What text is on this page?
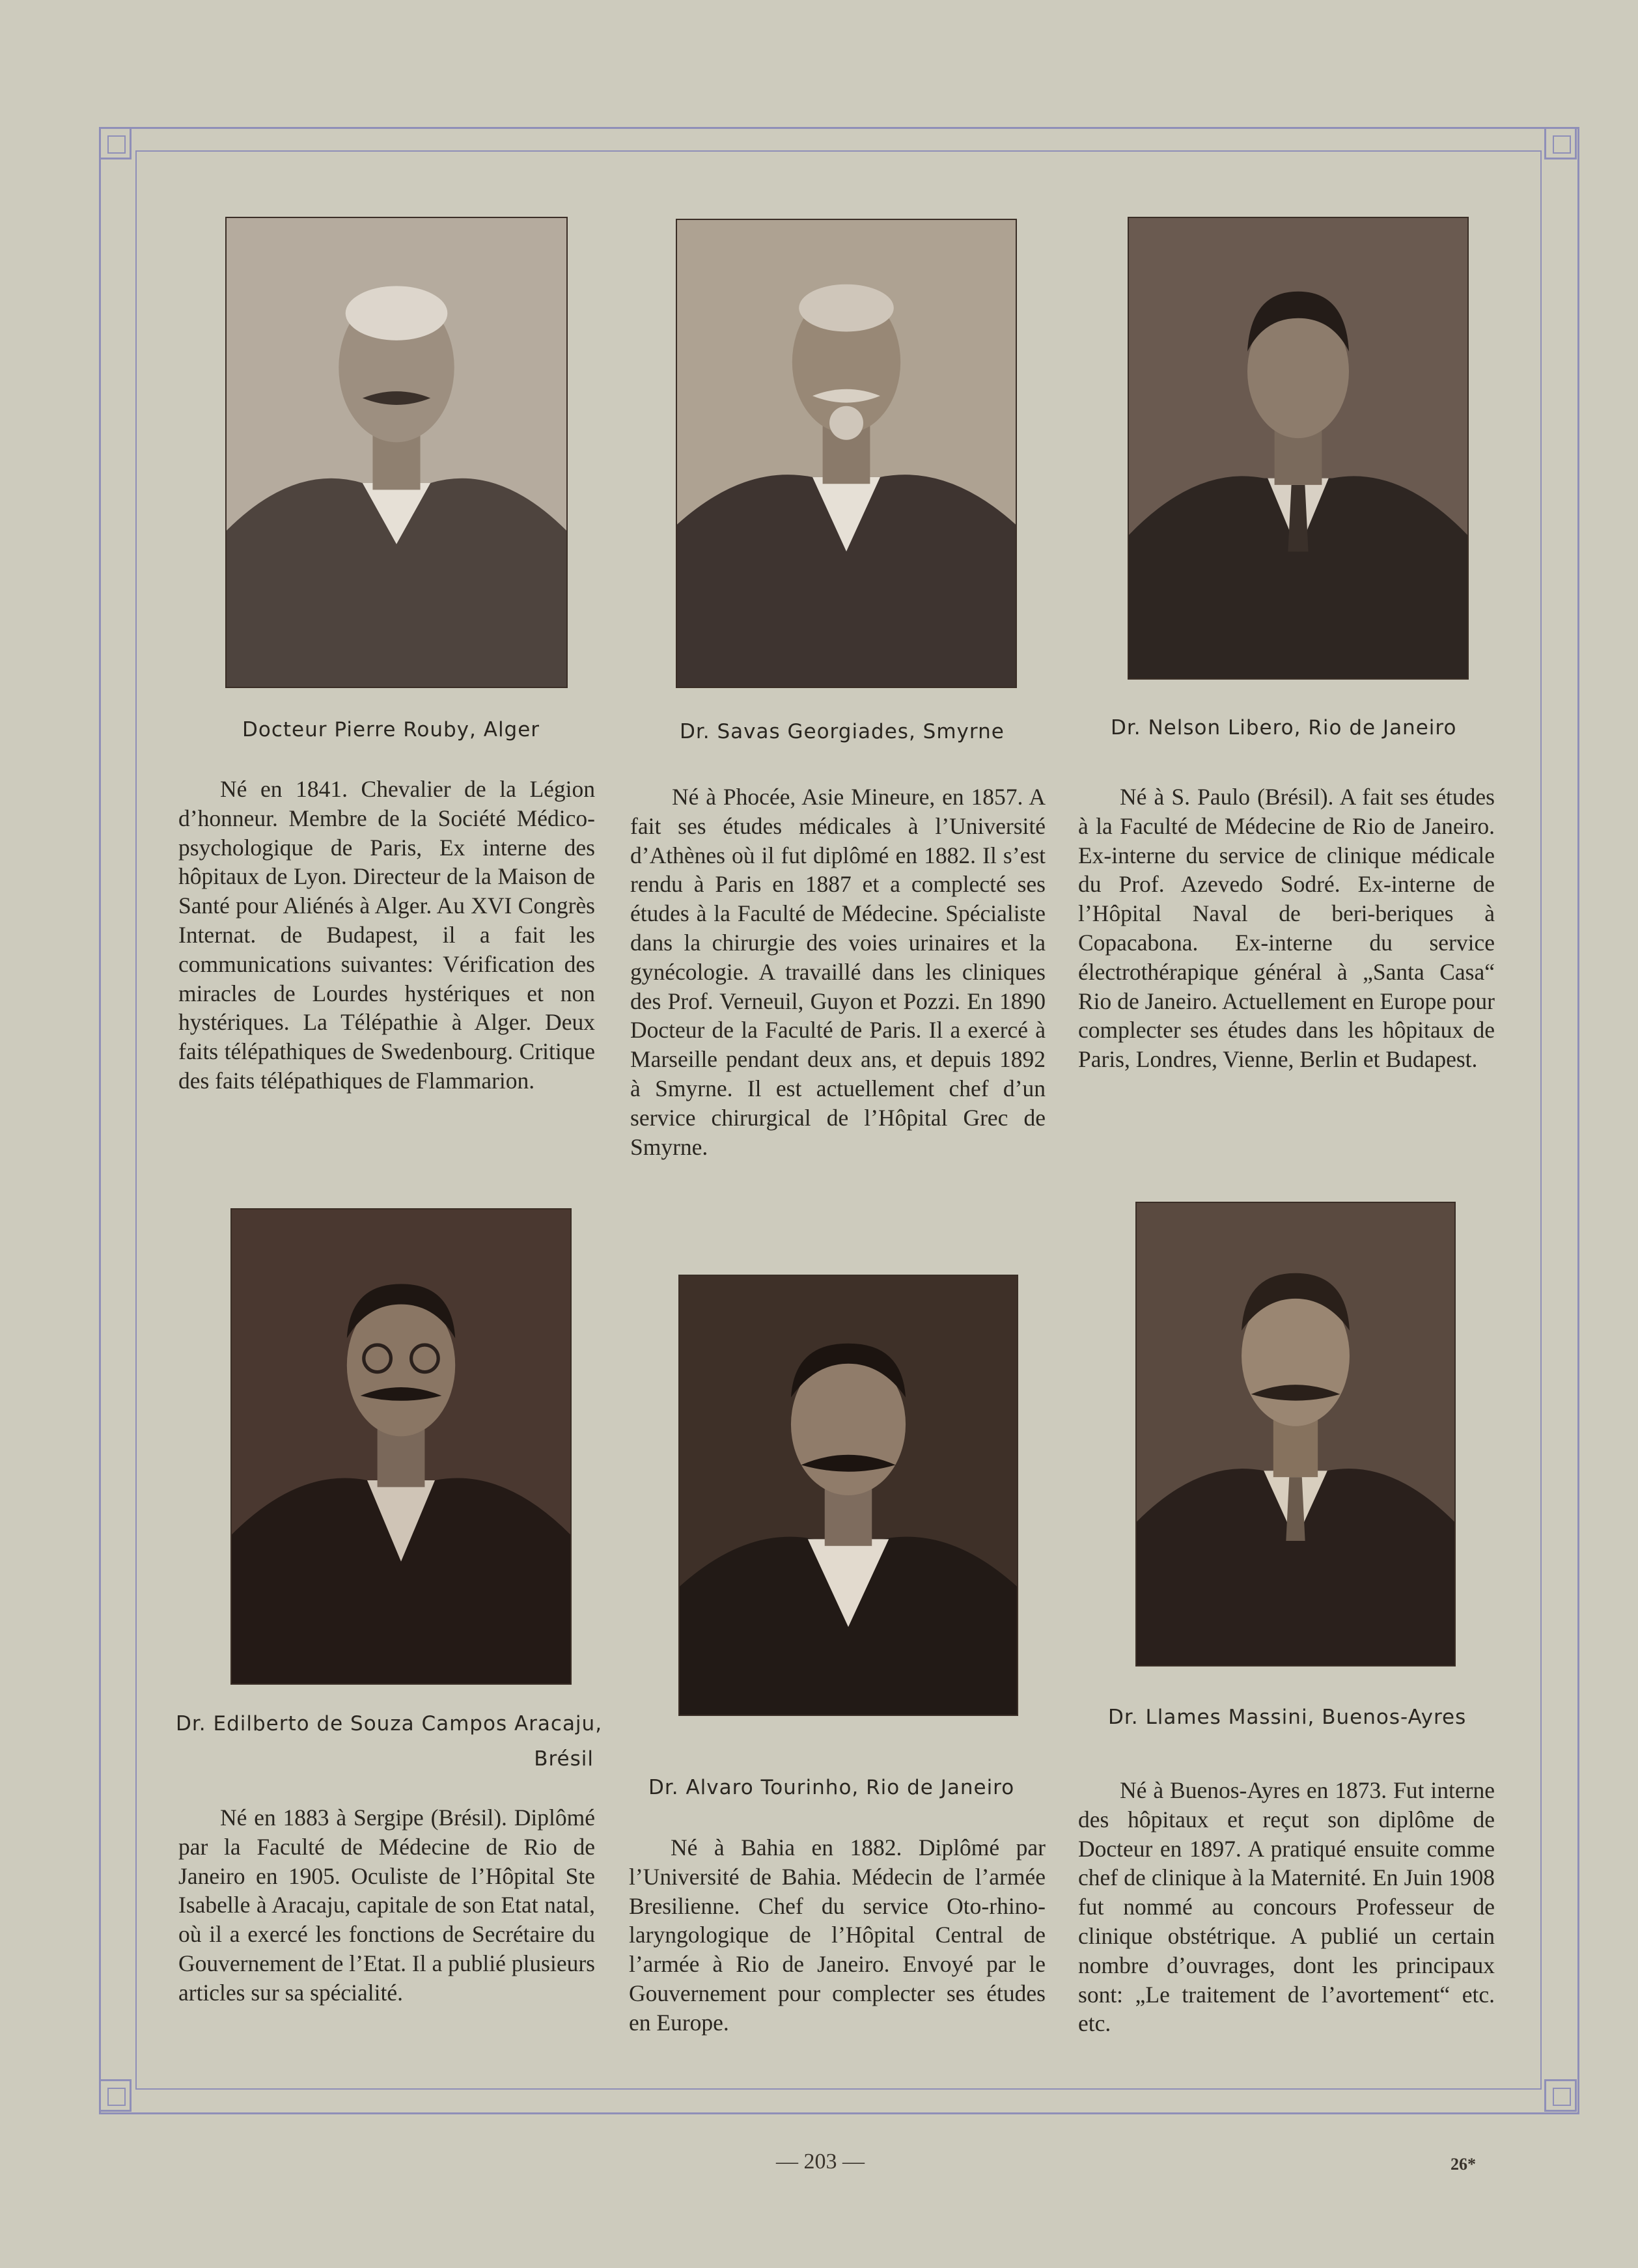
Docteur Pierre Rouby, Alger

Né en 1841. Chevalier de la Légion d’honneur. Membre de la Société Médico-psychologique de Paris, Ex interne des hôpitaux de Lyon. Directeur de la Maison de Santé pour Aliénés à Alger. Au XVI Congrès Internat. de Budapest, il a fait les communications suivantes: Vérification des miracles de Lourdes hystériques et non hystériques. La Télépathie à Alger. Deux faits télépathiques de Swedenbourg. Critique des faits télépathiques de Flammarion.

Dr. Savas Georgiades, Smyrne

Né à Phocée, Asie Mineure, en 1857. A fait ses études médicales à l’Université d’Athènes où il fut diplômé en 1882. Il s’est rendu à Paris en 1887 et a complecté ses études à la Faculté de Médecine. Spécialiste dans la chirurgie des voies urinaires et la gynécologie. A travaillé dans les cliniques des Prof. Verneuil, Guyon et Pozzi. En 1890 Docteur de la Faculté de Paris. Il a exercé à Marseille pendant deux ans, et depuis 1892 à Smyrne. Il est actuellement chef d’un service chirurgical de l’Hôpital Grec de Smyrne.

Dr. Nelson Libero, Rio de Janeiro

Né à S. Paulo (Brésil). A fait ses études à la Faculté de Médecine de Rio de Janeiro. Ex-interne du service de clinique médicale du Prof. Azevedo Sodré. Ex-interne de l’Hôpital Naval de beri-beriques à Copacabona. Ex-interne du service électrothérapique général à „Santa Casa“ Rio de Janeiro. Actuellement en Europe pour complecter ses études dans les hôpitaux de Paris, Londres, Vienne, Berlin et Budapest.

Dr. Edilberto de Souza Campos Aracaju,
Brésil

Né en 1883 à Sergipe (Brésil). Diplômé par la Faculté de Médecine de Rio de Janeiro en 1905. Oculiste de l’Hôpital Ste Isabelle à Aracaju, capitale de son Etat natal, où il a exercé les fonctions de Secrétaire du Gouvernement de l’Etat. Il a publié plusieurs articles sur sa spécialité.

Dr. Alvaro Tourinho, Rio de Janeiro

Né à Bahia en 1882. Diplômé par l’Université de Bahia. Médecin de l’armée Bresilienne. Chef du service Oto-rhino-laryngologique de l’Hôpital Central de l’armée à Rio de Janeiro. Envoyé par le Gouvernement pour complecter ses études en Europe.

Dr. Llames Massini, Buenos-Ayres

Né à Buenos-Ayres en 1873. Fut interne des hôpitaux et reçut son diplôme de Docteur en 1897. A pratiqué ensuite comme chef de clinique à la Maternité. En Juin 1908 fut nommé au concours Professeur de clinique obstétrique. A publié un certain nombre d’ouvrages, dont les principaux sont: „Le traitement de l’avortement“ etc. etc.

— 203 —	26*
